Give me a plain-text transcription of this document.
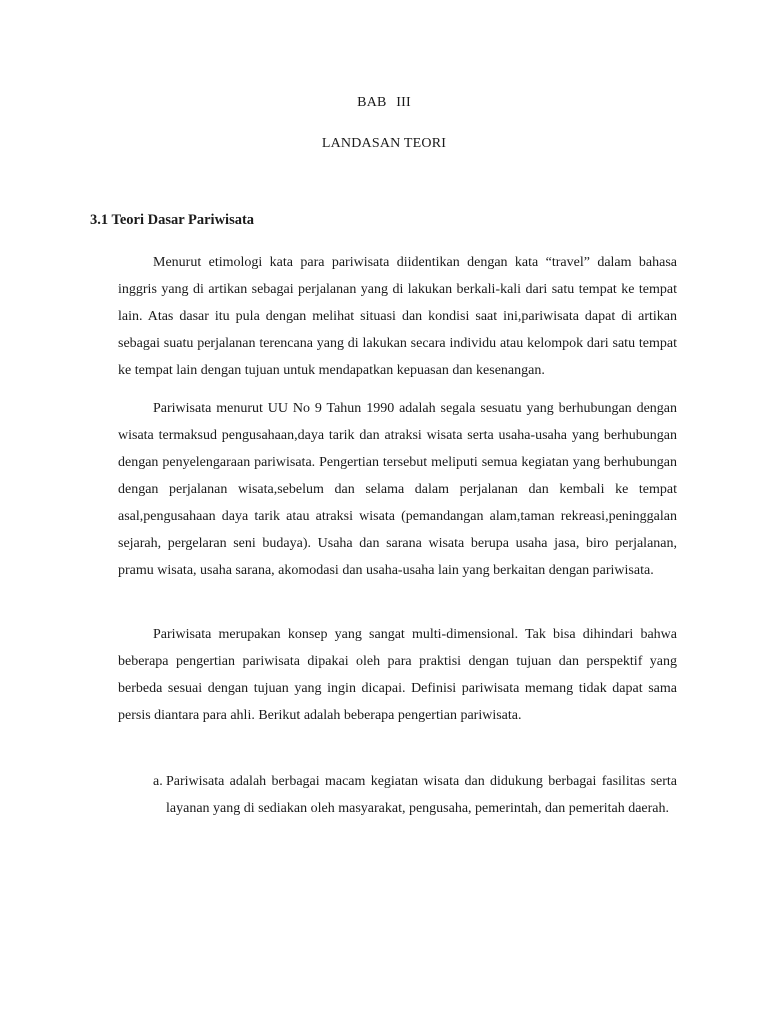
BAB III
LANDASAN TEORI
3.1 Teori Dasar Pariwisata

Menurut etimologi kata para pariwisata diidentikan dengan kata “travel” dalam bahasa inggris yang di artikan sebagai perjalanan yang di lakukan berkali-kali dari satu tempat ke tempat lain. Atas dasar itu pula dengan melihat situasi dan kondisi saat ini,pariwisata dapat di artikan sebagai suatu perjalanan terencana yang di lakukan secara individu atau kelompok dari satu tempat ke tempat lain dengan tujuan untuk mendapatkan kepuasan dan kesenangan.

Pariwisata menurut UU No 9 Tahun 1990 adalah segala sesuatu yang berhubungan dengan wisata termaksud pengusahaan,daya tarik dan atraksi wisata serta usaha-usaha yang berhubungan dengan penyelengaraan pariwisata. Pengertian tersebut meliputi semua kegiatan yang berhubungan dengan perjalanan wisata,sebelum dan selama dalam perjalanan dan kembali ke tempat asal,pengusahaan daya tarik atau atraksi wisata (pemandangan alam,taman rekreasi,peninggalan sejarah, pergelaran seni budaya). Usaha dan sarana wisata berupa usaha jasa, biro perjalanan, pramu wisata, usaha sarana, akomodasi dan usaha-usaha lain yang berkaitan dengan pariwisata.

Pariwisata merupakan konsep yang sangat multi-dimensional. Tak bisa dihindari bahwa beberapa pengertian pariwisata dipakai oleh para praktisi dengan tujuan dan perspektif yang berbeda sesuai dengan tujuan yang ingin dicapai. Definisi pariwisata memang tidak dapat sama persis diantara para ahli. Berikut adalah beberapa pengertian pariwisata.

a. Pariwisata adalah berbagai macam kegiatan wisata dan didukung berbagai fasilitas serta layanan yang di sediakan oleh masyarakat, pengusaha, pemerintah, dan pemeritah daerah.
